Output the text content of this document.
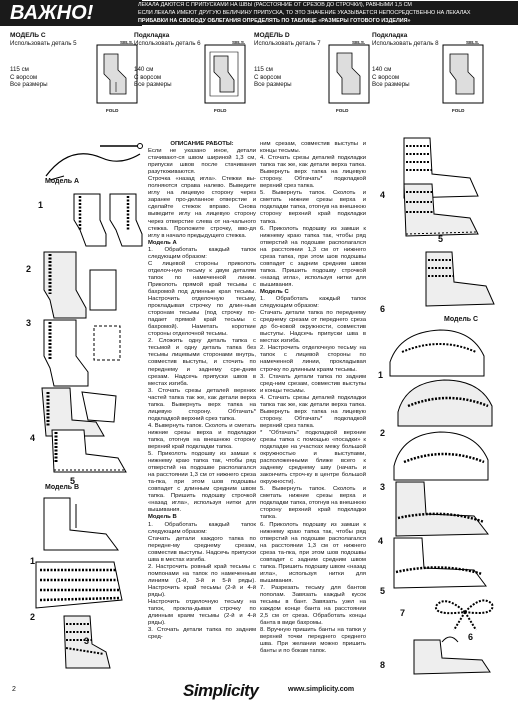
ВАЖНО!	ЛЕКАЛА ДАЮТСЯ С ПРИПУСКАМИ НА ШВЫ (РАССТОЯНИЕ ОТ СРЕЗОВ ДО СТРОЧКИ), РАВНЫМИ 1,5 СМ
ЕСЛИ ЛЕКАЛА ИМЕЮТ ДРУГУЮ ВЕЛИЧИНУ ПРИПУСКА, ТО ЭТО ЗНАЧЕНИЕ УКАЗЫВАЕТСЯ НЕПОСРЕДСТВЕННО НА ЛЕКАЛАХ
ПРИБАВКИ НА СВОБОДУ ОБЛЕГАНИЯ ОПРЕДЕЛЯТЬ ПО ТАБЛИЦЕ «РАЗМЕРЫ ГОТОВОГО ИЗДЕЛИЯ»
МОДЕЛЬ С
Использовать деталь 5
115 см
С ворсом
Все размеры
SELS.
FOLD
Подкладка
Использовать деталь 6
140 см
С ворсом
Все размеры
SELS.
FOLD
МОДЕЛЬ D
Использовать деталь 7
115 см
С ворсом
Все размеры
SELS.
FOLD
Подкладка
Использовать деталь 8
140 см
С ворсом
Все размеры
SELS.
FOLD
Модель А
1
2
3
4
5
Модель В
1
2
3

ОПИСАНИЕ РАБОТЫ:

Если не указано иное, детали стачивают-ся швом шириной 1,3 см, припуски швов после стачивания разутюживаются.

Строчка «назад игла». Стежки вы-полняются справа налево. Выведите иглу на лицевую сторону через заранее про-деланное отверстие и сделайте стежок вправо. Снова выведите иглу на лицевую сторону через отверстие слева от на-чального стежка. Проложите строчку, вво-дя иглу в начало предыдущего стежка.

Модель А

1. Обработать каждый тапок следующим образом:

С лицевой стороны приколоть отделоч-ную тесьму к двум деталям тапок по намеченной линии. Приколоть прямой край тесьмы с бахромой под длинные края тесьмы. Настрочить отделочную тесьму, прокладывая строчку по длин-ным сторонам тесьмы (под строчку по-падает прямой край тесьмы с бахромой). Наметать короткие стороны отделочной тесьмы.

2. Сложить одну деталь тапка с тесьмой и одну деталь тапка без тесьмы лицевыми сторонами внутрь, совместив выступы, и сточить по переднему и заднему сре-дним срезам. Надсечь припуски швов в местах изгиба.

3. Сточать срезы деталей верхних частей тапка так же, как детали верха тапка. Вывернуть верх тапка на лицевую сторону. Обтачать* подкладкой верхний срез тапка.

4. Вывернуть тапок. Сколоть и сметать нижние срезы верха и подкладки тапка, отогнув на внешнюю сторону верхний край подкладки тапка.

5. Приколоть подошву из замши к нижнему краю тапка так, чтобы ряд отверстий на подошве располагался на расстоянии 1,3 см от нижнего среза та-пка, при этом шов подошвы совпадет с длинным средним швом тапка. Пришить подошву строчкой «назад игла», используя нитки для вышивания.

Модель В

1. Обработать каждый тапок следующим образом:

Стачать детали каждого тапка по передне-му среднему срезам, совместив выступы. Надсечь припуски шва в местах изгиба.

2. Настрочить ровный край тесьмы с помпонами на тапок по намеченным линиям (1-й, 3-й и 5-й ряды). Настрочить край тесьмы (2-й и 4-й ряды).

Настрочить отделочную тесьму на тапок, прокла-дывая строчку по длинным краям тесьмы (2-й и 4-й ряды).

3. Сточать детали тапка по задним сред-

ним срезам, совместив выступы и концы тесьмы.

4. Сточать срезы деталей подкладки тапка так же, как детали верха тапка. Вывернуть верх тапка на лицевую сторону. Обтачать* подкладкой верхний срез тапка.

5. Вывернуть тапок. Сколоть и сметать нижние срезы верха и подкладки тапка, отогнув на внешнюю сторону верхний край подкладки тапка.

6. Приколоть подошву из замши к нижнему краю тапка так, чтобы ряд отверстий на подошве располагался на расстоянии 1,3 см от нижнего среза тапка, при этом шов подошвы совпадет с задним средним швом тапка. Пришить подошву строчкой «назад игла», используя нитки для вышивания.

Модель С

1. Обработать каждый тапок следующим образом:

Стачать детали тапка по переднему среднему срезам от переднего среза до бо-ковой окружности, совместив выступы. Надсечь припуски шва в местах изгиба.

2. Настрочить отделочную тесьму на тапок с лицевой стороны по намеченной линии, прокладывая строчку по длинным краям тесьмы.

3. Стачать детали тапка по задним сред-ним срезам, совместив выступы и концы тесьмы.

4. Стачать срезы деталей подкладки тапка так же, как детали верха тапка. Вывернуть верх тапка на лицевую сторону. Обтачать* подкладкой верхний срез тапка.

* "Обтачать" подкладкой верхние срезы тапка с помощью «посадки» к подкладке на участках межу большой окружностью и выступами, расположенными ближе всего к заднему среднему шву (начать и закончить строч-ку в центре большой окружности).

5. Вывернуть тапок. Сколоть и сметать нижние срезы верха и подкладки тапка, отогнув на внешнюю сторону верхний край подкладки тапка.

6. Приколоть подошву из замши к нижнему краю тапка так, чтобы ряд отверстий на подошве располагался на расстоянии 1,3 см от нижнего среза та-пка, при этом шов подошвы совпадет с задним средним швом тапка. Пришить подошву швом «назад игла», используя нитки для вышивания.

7. Разрезать тесьму для бантов пополам. Завязать каждый кусок тесьмы в бант. Завязать узел на каждом конце банта на расстоянии 2,5 см от среза. Обработать концы банта в виде бахромы.

8. Вручную пришить банты на тапки у верхней точки переднего среднего шва. При желании можно пришить банты и по бокам тапок.

4
5
6
Модель С
1
2
3
4
5
7
6
8
2	Simplicity	www.simplicity.com
